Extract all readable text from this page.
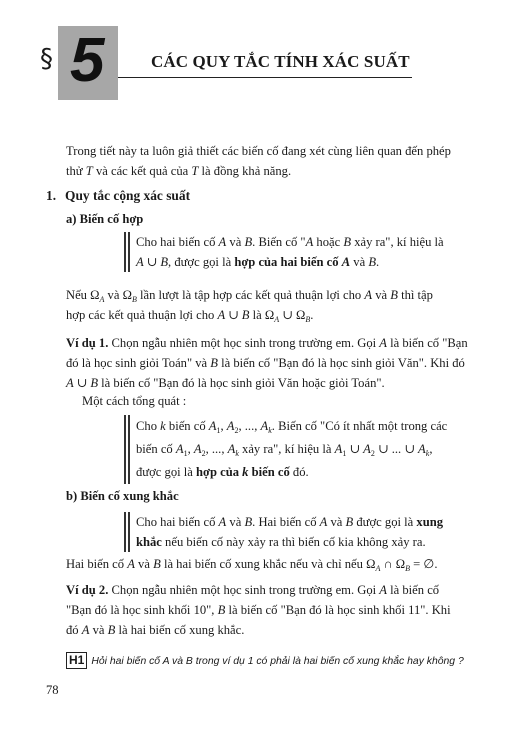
§ 5	CÁC QUY TẮC TÍNH XÁC SUẤT
Trong tiết này ta luôn giả thiết các biến cố đang xét cùng liên quan đến phép
thử T và các kết quả của T là đồng khả năng.
1. Quy tắc cộng xác suất
a) Biến cố hợp
Cho hai biến cố A và B. Biến cố "A hoặc B xảy ra", kí hiệu là
A ∪ B, được gọi là hợp của hai biến cố A và B.
Nếu $\Omega_A$ và $\Omega_B$ lần lượt là tập hợp các kết quả thuận lợi cho A và B thì tập
hợp các kết quả thuận lợi cho A ∪ B là $\Omega_A$ ∪ $\Omega_B$.
Ví dụ 1. Chọn ngẫu nhiên một học sinh trong trường em. Gọi A là biến cố "Bạn
đó là học sinh giỏi Toán" và B là biến cố "Bạn đó là học sinh giỏi Văn". Khi đó
A ∪ B là biến cố "Bạn đó là học sinh giỏi Văn hoặc giỏi Toán".
Một cách tổng quát :
Cho k biến cố $A_1$, $A_2$, ..., $A_k$. Biến cố "Có ít nhất một trong các
biến cố $A_1$, $A_2$, ..., $A_k$ xảy ra", kí hiệu là $A_1$ ∪ $A_2$ ∪ ... ∪ $A_k$,
được gọi là hợp của k biến cố đó.
b) Biến cố xung khắc
Cho hai biến cố A và B. Hai biến cố A và B được gọi là xung
khắc nếu biến cố này xảy ra thì biến cố kia không xảy ra.
Hai biến cố A và B là hai biến cố xung khắc nếu và chỉ nếu $\Omega_A$ ∩ $\Omega_B$ = ∅.
Ví dụ 2. Chọn ngẫu nhiên một học sinh trong trường em. Gọi A là biến cố
"Bạn đó là học sinh khối 10", B là biến cố "Bạn đó là học sinh khối 11". Khi
đó A và B là hai biến cố xung khắc.
H1 Hỏi hai biến cố A và B trong ví dụ 1 có phải là hai biến cố xung khắc hay không ?
78
